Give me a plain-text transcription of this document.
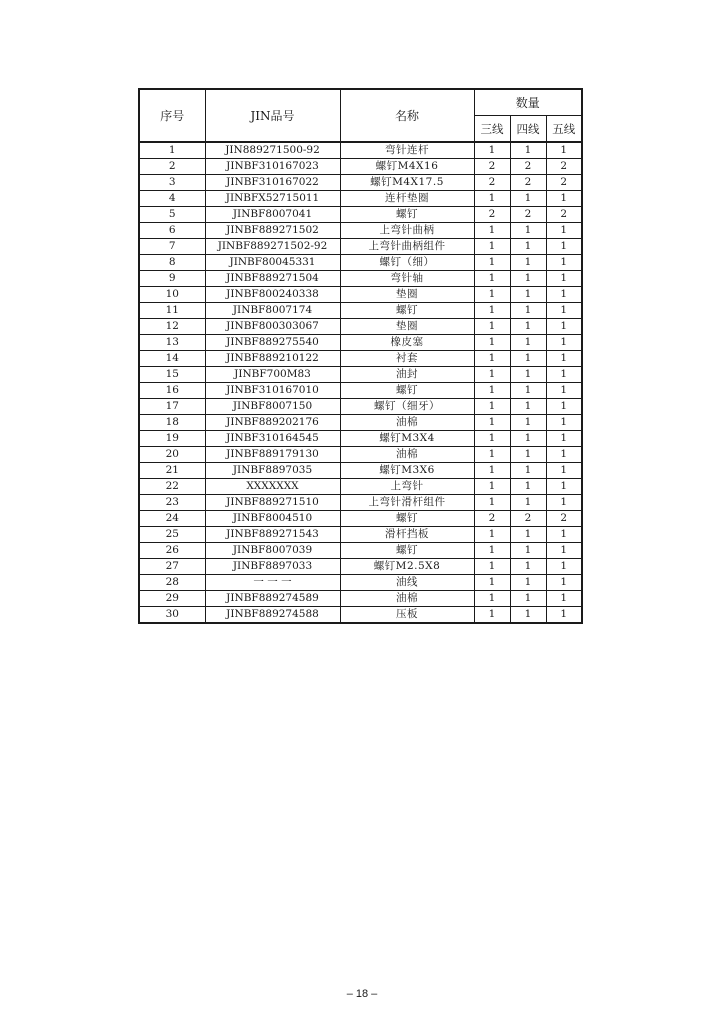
序号	JIN品号	名称	数量		
			三线	四线	五线
1	JIN889271500-92	弯针连杆	1	1	1
2	JINBF310167023	螺钉M4X16	2	2	2
3	JINBF310167022	螺钉M4X17.5	2	2	2
4	JINBFX52715011	连杆垫圈	1	1	1
5	JINBF8007041	螺钉	2	2	2
6	JINBF889271502	上弯针曲柄	1	1	1
7	JINBF889271502-92	上弯针曲柄组件	1	1	1
8	JINBF80045331	螺钉（细）	1	1	1
9	JINBF889271504	弯针轴	1	1	1
10	JINBF800240338	垫圈	1	1	1
11	JINBF8007174	螺钉	1	1	1
12	JINBF800303067	垫圈	1	1	1
13	JINBF889275540	橡皮塞	1	1	1
14	JINBF889210122	衬套	1	1	1
15	JINBF700M83	油封	1	1	1
16	JINBF310167010	螺钉	1	1	1
17	JINBF8007150	螺钉（细牙）	1	1	1
18	JINBF889202176	油棉	1	1	1
19	JINBF310164545	螺钉M3X4	1	1	1
20	JINBF889179130	油棉	1	1	1
21	JINBF8897035	螺钉M3X6	1	1	1
22	XXXXXXX	上弯针	1	1	1
23	JINBF889271510	上弯针滑杆组件	1	1	1
24	JINBF8004510	螺钉	2	2	2
25	JINBF889271543	滑杆挡板	1	1	1
26	JINBF8007039	螺钉	1	1	1
27	JINBF8897033	螺钉M2.5X8	1	1	1
28	一 一 一	油线	1	1	1
29	JINBF889274589	油棉	1	1	1
30	JINBF889274588	压板	1	1	1
– 18 –
